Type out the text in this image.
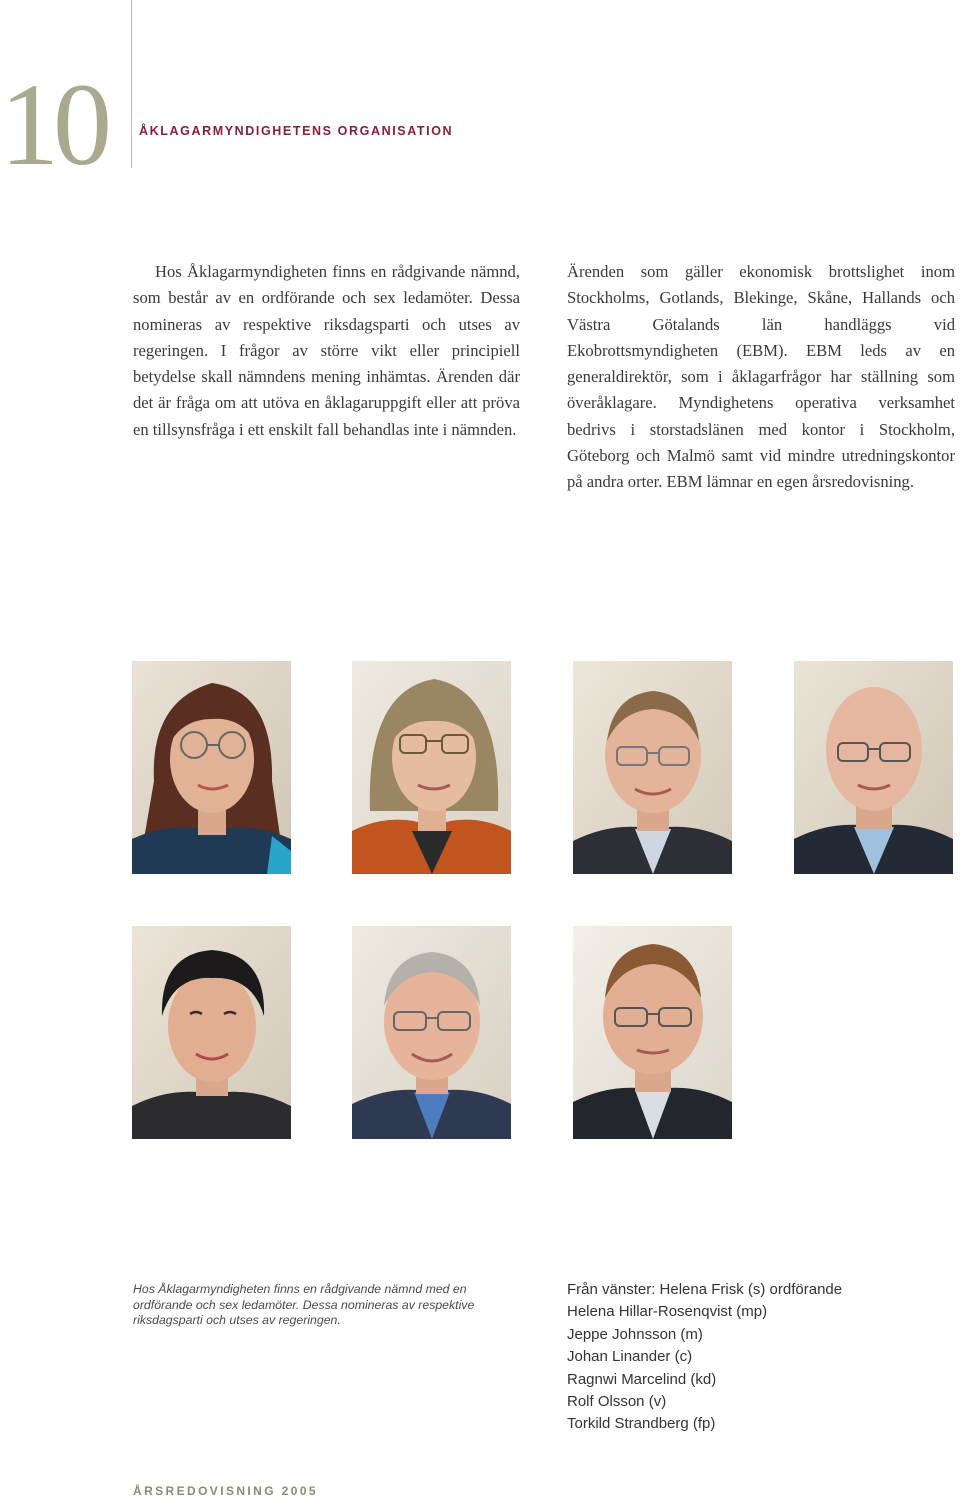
10	ÅKLAGARMYNDIGHETENS ORGANISATION

Hos Åklagarmyndigheten finns en rådgivande nämnd, som består av en ordförande och sex ledamöter. Dessa nomineras av respektive riksdagsparti och utses av regeringen. I frågor av större vikt eller principiell betydelse skall nämndens mening inhämtas. Ärenden där det är fråga om att utöva en åklagaruppgift eller att pröva en tillsynsfråga i ett enskilt fall behandlas inte i nämnden.

Ärenden som gäller ekonomisk brottslighet inom Stockholms, Gotlands, Blekinge, Skåne, Hallands och Västra Götalands län handläggs vid Ekobrottsmyndigheten (EBM). EBM leds av en generaldirektör, som i åklagarfrågor har ställning som överåklagare. Myndighetens operativa verksamhet bedrivs i storstadslänen med kontor i Stockholm, Göteborg och Malmö samt vid mindre utredningskontor på andra orter. EBM lämnar en egen årsredovisning.

Hos Åklagarmyndigheten finns en rådgivande nämnd med en ordförande och sex ledamöter. Dessa nomineras av respektive riksdagsparti och utses av regeringen.
Från vänster: Helena Frisk (s) ordförande
Helena Hillar-Rosenqvist (mp)
Jeppe Johnsson (m)
Johan Linander (c)
Ragnwi Marcelind (kd)
Rolf Olsson (v)
Torkild Strandberg (fp)
ÅRSREDOVISNING 2005
